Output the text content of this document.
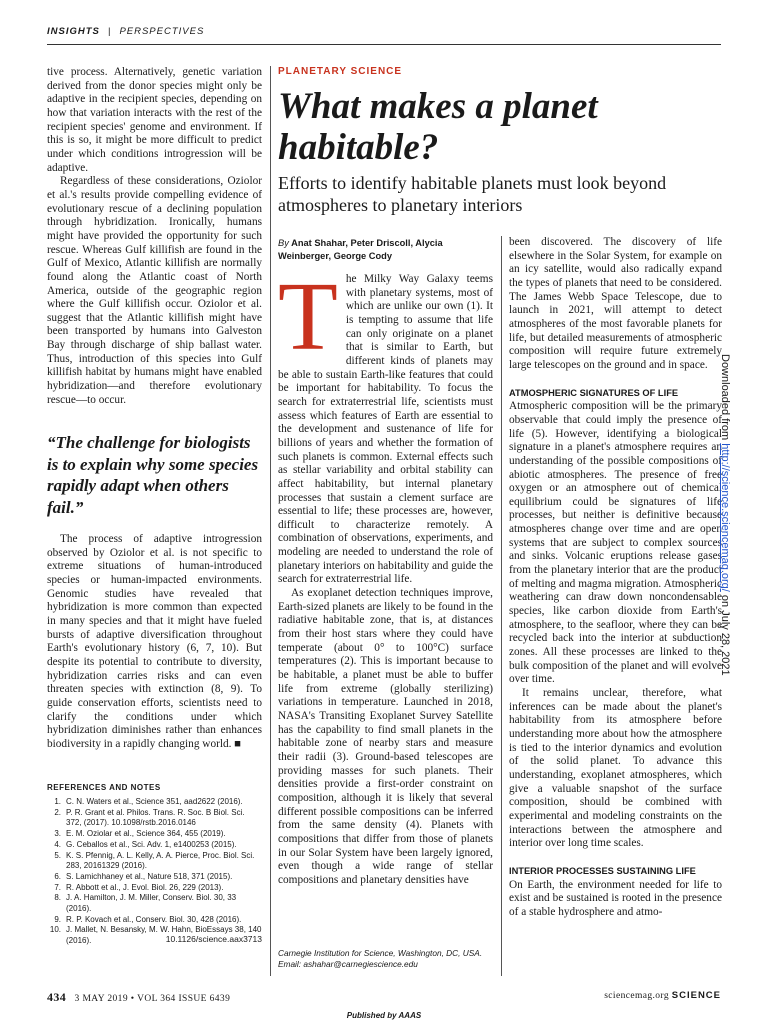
INSIGHTS | PERSPECTIVES

tive process. Alternatively, genetic variation derived from the donor species might only be adaptive in the recipient species, depending on how that variation interacts with the rest of the recipient species' genome and environment. If this is so, it might be more difficult to predict under which conditions introgression will be adaptive.

Regardless of these considerations, Oziolor et al.'s results provide compelling evidence of evolutionary rescue of a declining population through hybridization. Ironically, humans might have provided the opportunity for such rescue. Whereas Gulf killifish are found in the Gulf of Mexico, Atlantic killifish are normally found along the Atlantic coast of North America, outside of the geographic region where the Gulf killifish occur. Oziolor et al. suggest that the Atlantic killifish might have been transported by humans into Galveston Bay through discharge of ship ballast water. Thus, introduction of this species into Gulf killifish habitat by humans might have enabled hybridization—and therefore evolutionary rescue—to occur.

“The challenge for biologists is to explain why some species rapidly adapt when others fail.”

The process of adaptive introgression observed by Oziolor et al. is not specific to extreme situations of human-introduced species or human-impacted environments. Genomic studies have revealed that hybridization is more common than expected in many species and that it might have fueled bursts of adaptive diversification throughout Earth's evolutionary history (6, 7, 10). But despite its potential to contribute to diversity, hybridization carries risks and can even threaten species with extinction (8, 9). To guide conservation efforts, scientists need to clarify the conditions under which hybridization diminishes rather than enhances biodiversity in a rapidly changing world. ■

REFERENCES AND NOTES
1. C. N. Waters et al., Science 351, aad2622 (2016).
2. P. R. Grant et al. Philos. Trans. R. Soc. B Biol. Sci. 372, (2017). 10.1098/rstb.2016.0146
3. E. M. Oziolar et al., Science 364, 455 (2019).
4. G. Ceballos et al., Sci. Adv. 1, e1400253 (2015).
5. K. S. Pfennig, A. L. Kelly, A. A. Pierce, Proc. Biol. Sci. 283, 20161329 (2016).
6. S. Lamichhaney et al., Nature 518, 371 (2015).
7. R. Abbott et al., J. Evol. Biol. 26, 229 (2013).
8. J. A. Hamilton, J. M. Miller, Conserv. Biol. 30, 33 (2016).
9. R. P. Kovach et al., Conserv. Biol. 30, 428 (2016).
10. J. Mallet, N. Besansky, M. W. Hahn, BioEssays 38, 140 (2016).	10.1126/science.aax3713
PLANETARY SCIENCE
What makes a planet habitable?
Efforts to identify habitable planets must look beyond atmospheres to planetary interiors
By Anat Shahar, Peter Driscoll, Alycia Weinberger, George Cody

The Milky Way Galaxy teems with planetary systems, most of which are unlike our own (1). It is tempting to assume that life can only originate on a planet that is similar to Earth, but different kinds of planets may be able to sustain Earth-like features that could be important for habitability. To focus the search for extraterrestrial life, scientists must assess which features of Earth are essential to the development and sustenance of life for billions of years and whether the formation of such planets is common. External effects such as stellar variability and orbital stability can affect habitability, but internal planetary processes that sustain a clement surface are essential to life; these processes are, however, difficult to characterize remotely. A combination of observations, experiments, and modeling are needed to understand the role of planetary interiors on habitability and guide the search for extraterrestrial life.

As exoplanet detection techniques improve, Earth-sized planets are likely to be found in the radiative habitable zone, that is, at distances from their host stars where they could have temperate (about 0° to 100°C) surface temperatures (2). This is important because to be habitable, a planet must be able to buffer life from extreme (globally sterilizing) variations in temperature. Launched in 2018, NASA's Transiting Exoplanet Survey Satellite has the capability to find small planets in the habitable zone of nearby stars and measure their radii (3). Ground-based telescopes are providing masses for such planets. Their densities provide a first-order constraint on composition, although it is likely that several different possible compositions can be inferred from the same density (4). Planets with compositions that differ from those of planets in our Solar System have been largely ignored, even though a wide range of stellar compositions and planetary densities have

Carnegie Institution for Science, Washington, DC, USA.
Email: ashahar@carnegiescience.edu

been discovered. The discovery of life elsewhere in the Solar System, for example on an icy satellite, would also radically expand the types of planets that need to be considered. The James Webb Space Telescope, due to launch in 2021, will attempt to detect atmospheres of the most favorable planets for life, but detailed measurements of atmospheric composition will require future extremely large telescopes on the ground and in space.

ATMOSPHERIC SIGNATURES OF LIFE

Atmospheric composition will be the primary observable that could imply the presence of life (5). However, identifying a biological signature in a planet's atmosphere requires an understanding of the possible compositions of abiotic atmospheres. The presence of free oxygen or an atmosphere out of chemical equilibrium could be signatures of life processes, but neither is definitive because atmospheres change over time and are open systems that are subject to complex sources and sinks. Volcanic eruptions release gases from the planetary interior that are the product of melting and magma migration. Atmospheric weathering can draw down noncondensable species, like carbon dioxide from Earth's atmosphere, to the seafloor, where they can be recycled back into the interior at subduction zones. All these processes are linked to the bulk composition of the planet and will evolve over time.

It remains unclear, therefore, what inferences can be made about the planet's habitability from its atmosphere before understanding more about how the atmosphere is tied to the interior dynamics and evolution of the solid planet. To advance this understanding, exoplanet atmospheres, which give a valuable snapshot of the surface composition, should be combined with experimental and modeling constraints on the interactions between the atmosphere and interior over long time scales.

INTERIOR PROCESSES SUSTAINING LIFE

On Earth, the environment needed for life to exist and be sustained is rooted in the presence of a stable hydrosphere and atmo-

Downloaded from http://science.sciencemag.org/ on July 28, 2021
434 3 MAY 2019 • VOL 364 ISSUE 6439	sciencemag.org SCIENCE
Published by AAAS
